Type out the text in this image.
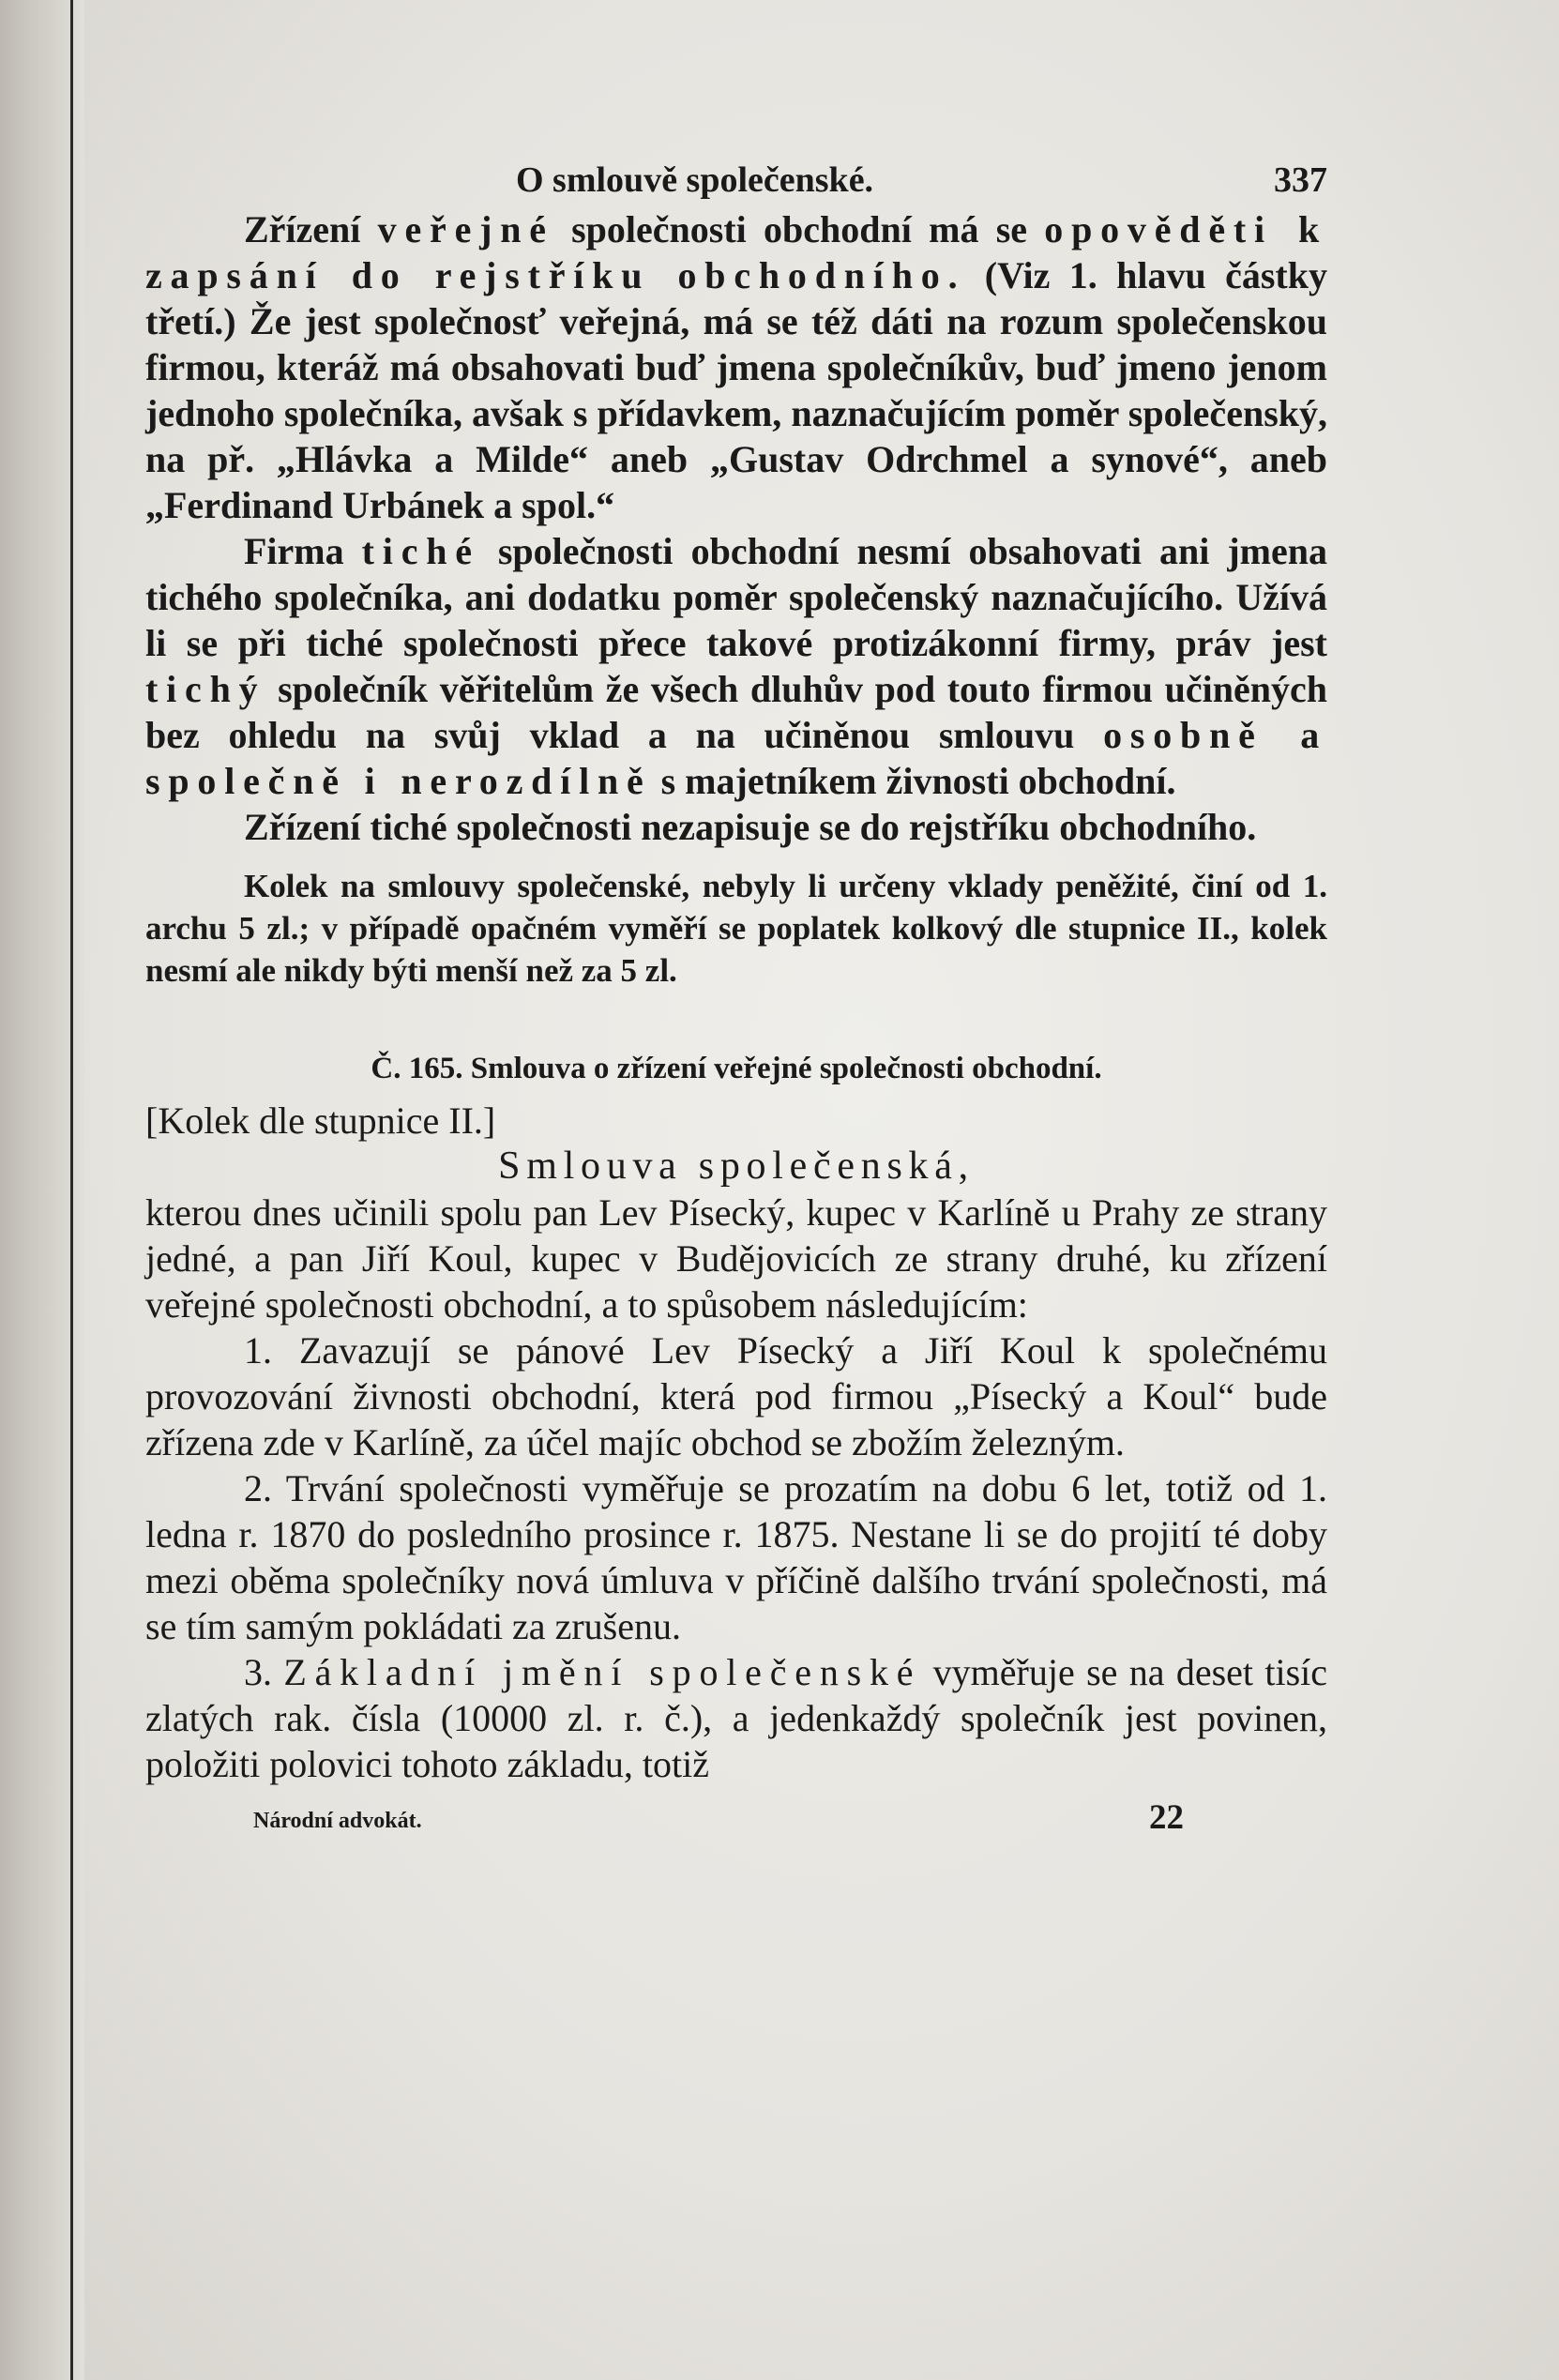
O smlouvě společenské.	337

Zřízení veřejné společnosti obchodní má se opověděti k zapsání do rejstříku obchodního. (Viz 1. hlavu částky třetí.) Že jest společnosť veřejná, má se též dáti na rozum společenskou firmou, kteráž má obsahovati buď jmena společníkův, buď jmeno jenom jednoho společníka, avšak s přídavkem, naznačujícím poměr společenský, na př. „Hlávka a Milde“ aneb „Gustav Odrchmel a synové“, aneb „Ferdinand Urbánek a spol.“

Firma tiché společnosti obchodní nesmí obsahovati ani jmena tichého společníka, ani dodatku poměr společenský naznačujícího. Užívá li se při tiché společnosti přece takové protizákonní firmy, práv jest tichý společník věřitelům že všech dluhův pod touto firmou učiněných bez ohledu na svůj vklad a na učiněnou smlouvu osobně a společně i nerozdílně s majetníkem živnosti obchodní.

Zřízení tiché společnosti nezapisuje se do rejstříku obchodního.

Kolek na smlouvy společenské, nebyly li určeny vklady peněžité, činí od 1. archu 5 zl.; v případě opačném vyměří se poplatek kolkový dle stupnice II., kolek nesmí ale nikdy býti menší než za 5 zl.

Č. 165. Smlouva o zřízení veřejné společnosti obchodní.

[Kolek dle stupnice II.]

Smlouva společenská,

kterou dnes učinili spolu pan Lev Písecký, kupec v Karlíně u Prahy ze strany jedné, a pan Jiří Koul, kupec v Budějovicích ze strany druhé, ku zřízení veřejné společnosti obchodní, a to spůsobem následujícím:

1. Zavazují se pánové Lev Písecký a Jiří Koul k společnému provozování živnosti obchodní, která pod firmou „Písecký a Koul“ bude zřízena zde v Karlíně, za účel majíc obchod se zbožím železným.

2. Trvání společnosti vyměřuje se prozatím na dobu 6 let, totiž od 1. ledna r. 1870 do posledního prosince r. 1875. Nestane li se do projití té doby mezi oběma společníky nová úmluva v příčině dalšího trvání společnosti, má se tím samým pokládati za zrušenu.

3. Základní jmění společenské vyměřuje se na deset tisíc zlatých rak. čísla (10000 zl. r. č.), a jedenkaždý společník jest povinen, položiti polovici tohoto základu, totiž

Národní advokát.	22
